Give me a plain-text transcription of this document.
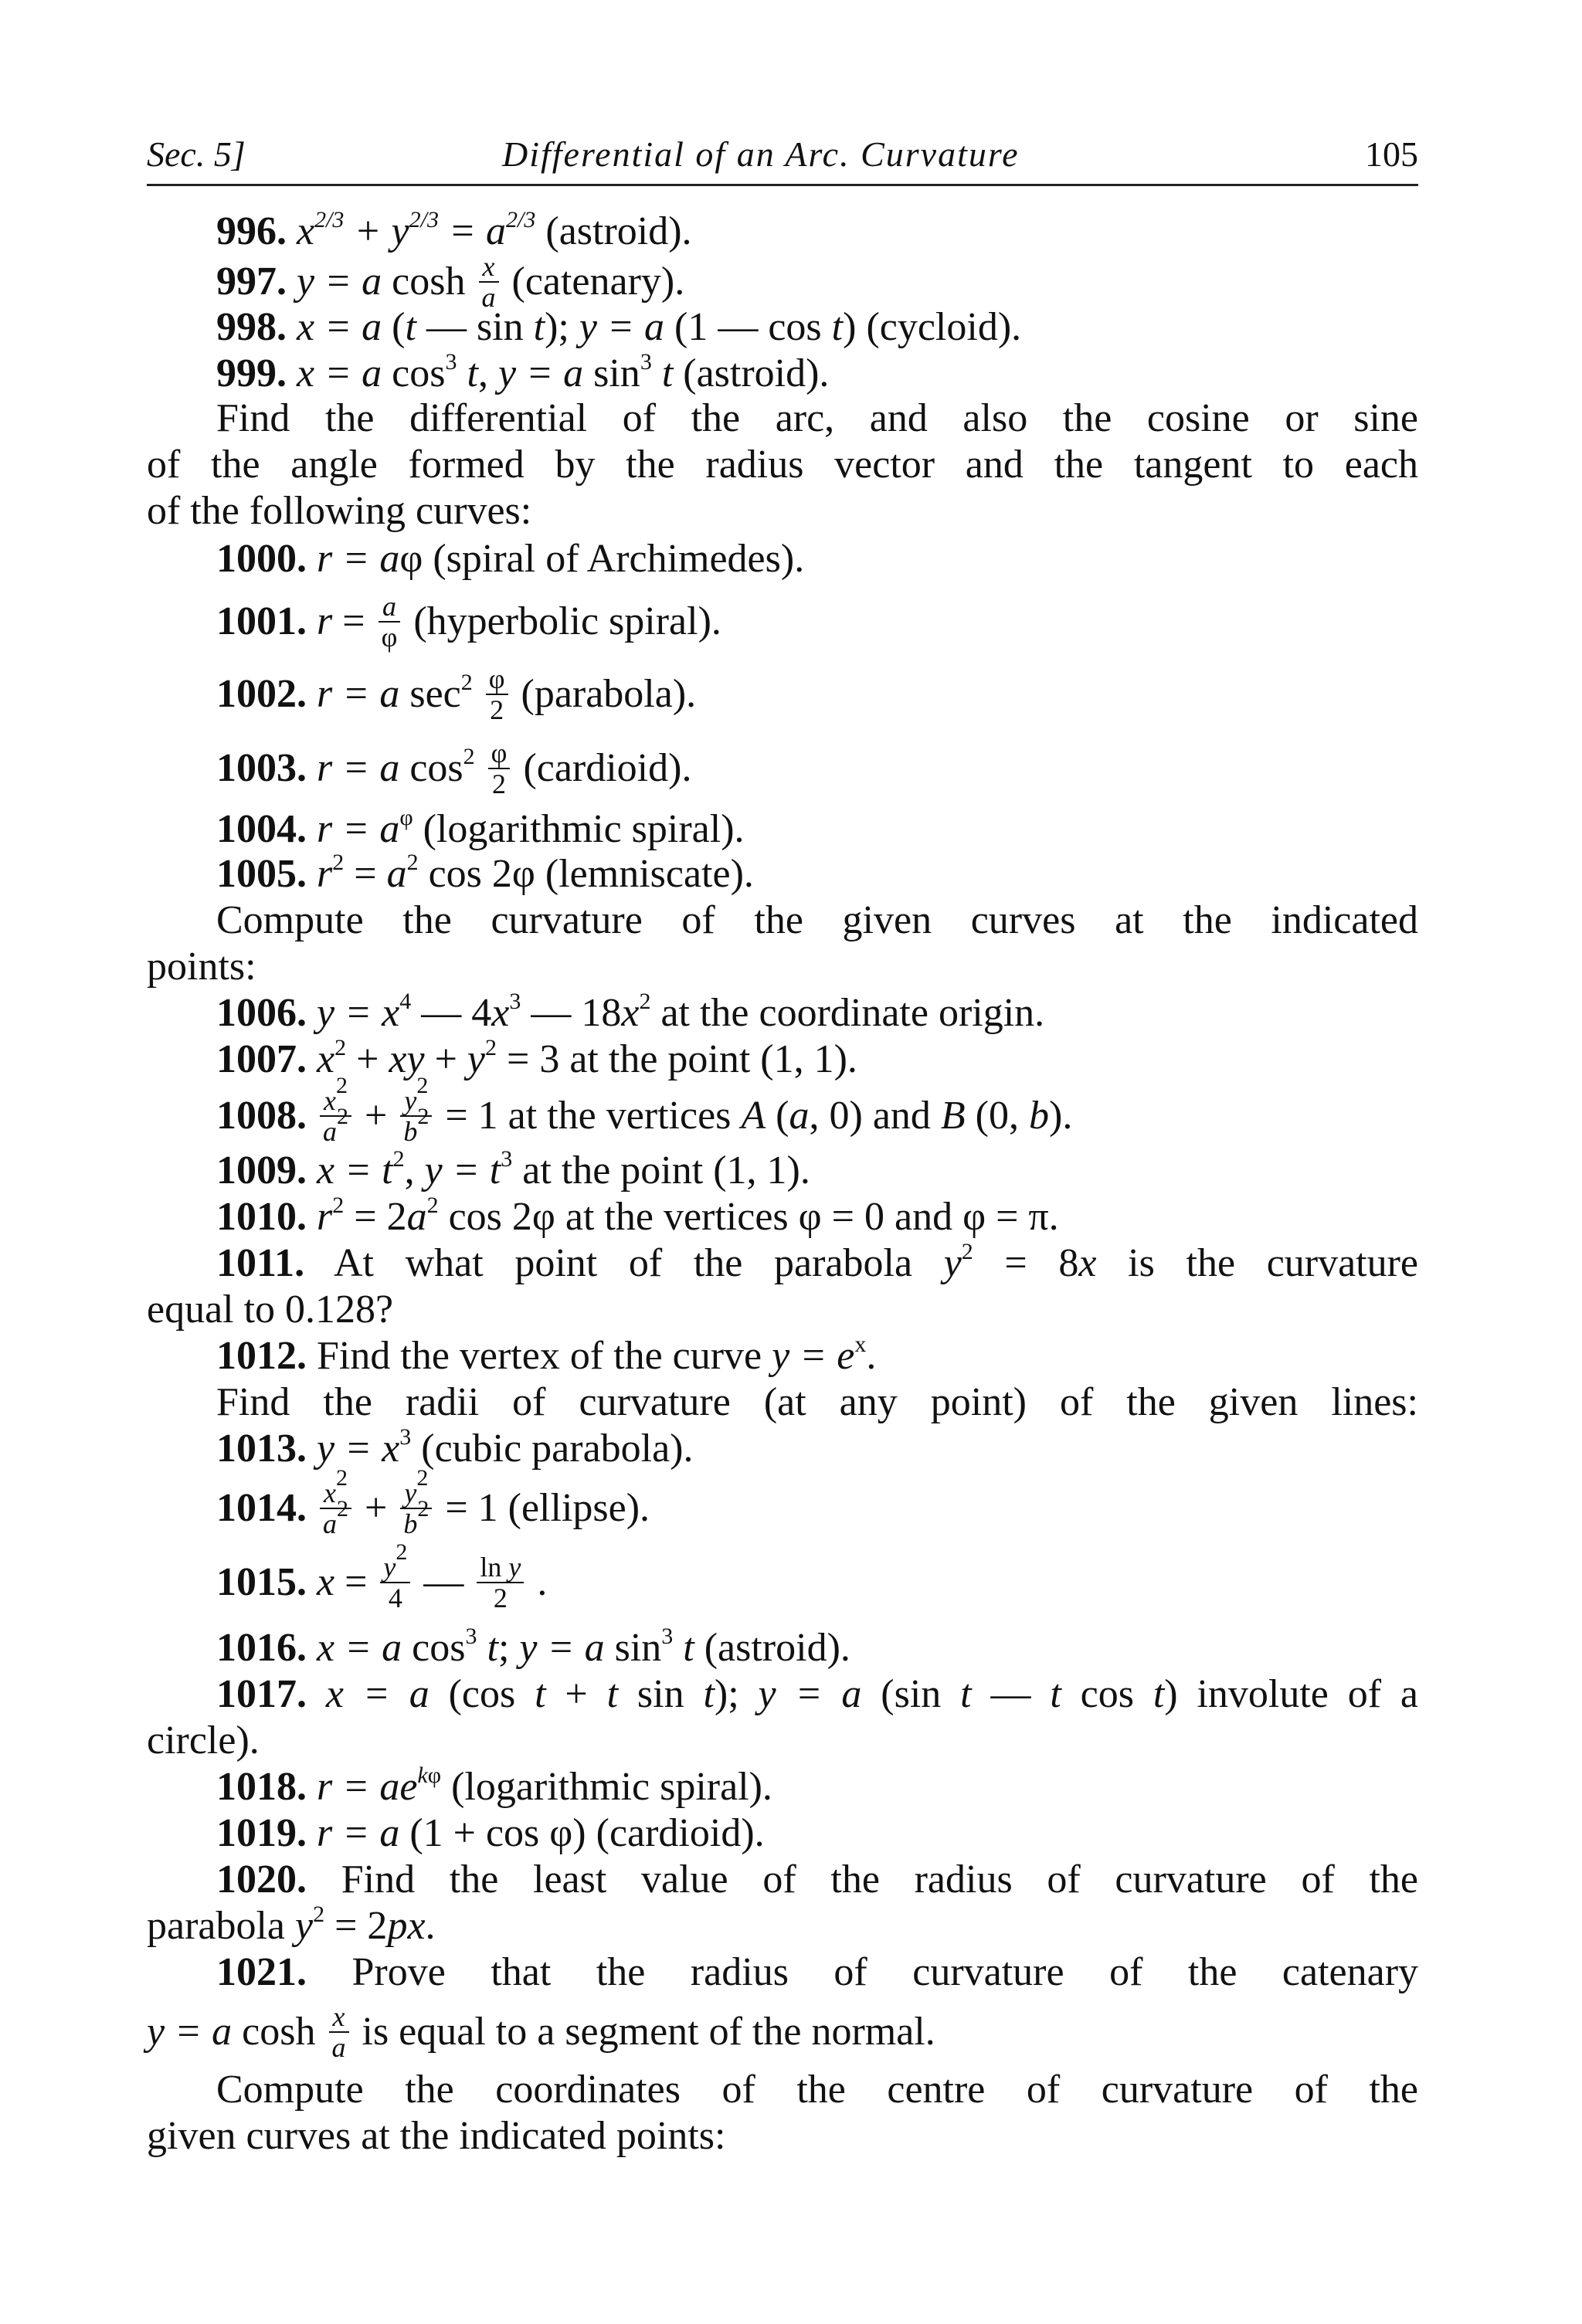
Sec. 5]	Differential of an Arc. Curvature	105
996. $x^{2/3} + y^{2/3} = a^{2/3}$ (astroid).
997. y = a $\cosh \frac{x}{a}$ (catenary).
998. x = a (t — sin t); y = a (1 — cos t) (cycloid).
999. x = a $\cos^3 t$, y = a $\sin^3 t$ (astroid).
Find the differential of the arc, and also the cosine or sine
of the angle formed by the radius vector and the tangent to each
of the following curves:
1000. r = aφ (spiral of Archimedes).
1001. $r = \frac{a}{\varphi}$ (hyperbolic spiral).
1002. r = a $\sec^2 \frac{\varphi}{2}$ (parabola).
1003. r = a $\cos^2 \frac{\varphi}{2}$ (cardioid).
1004. $r = a^\varphi$ (logarithmic spiral).
1005. $r^2 = a^2$ cos 2φ (lemniscate).
Compute the curvature of the given curves at the indicated
points:
1006. $y = x^4$ — $4x^3$ — $18x^2$ at the coordinate origin.
1007. $x^2$ + xy + $y^2 = 3$ at the point (1, 1).
1008. $\frac{x^2}{a^2} + \frac{y^2}{b^2} = 1$ at the vertices A (a, 0) and B (0, b).
1009. $x = t^2$, $y = t^3$ at the point (1, 1).
1010. $r^2 = 2a^2$ cos 2φ at the vertices φ = 0 and φ = π.
1011. At what point of the parabola $y^2 = 8x$ is the curvature
equal to 0.128?
1012. Find the vertex of the curve $y = e^x$.
Find the radii of curvature (at any point) of the given lines:
1013. $y = x^3$ (cubic parabola).
1014. $\frac{x^2}{a^2} + \frac{y^2}{b^2} = 1$ (ellipse).
1015. $x = \frac{y^2}{4}$ — $\frac{\text{ln y}}{2}$ .
1016. x = a $\cos^3 t$; y = a $\sin^3 t$ (astroid).
1017. x = a (cos t + t sin t); y = a (sin t — t cos t) involute of a
circle).
1018. $r = ae^{k\varphi}$ (logarithmic spiral).
1019. r = a (1 + cos φ) (cardioid).
1020. Find the least value of the radius of curvature of the
parabola $y^2 = 2px$.
1021. Prove that the radius of curvature of the catenary
y = a $\cosh \frac{x}{a}$ is equal to a segment of the normal.
Compute the coordinates of the centre of curvature of the
given curves at the indicated points:
